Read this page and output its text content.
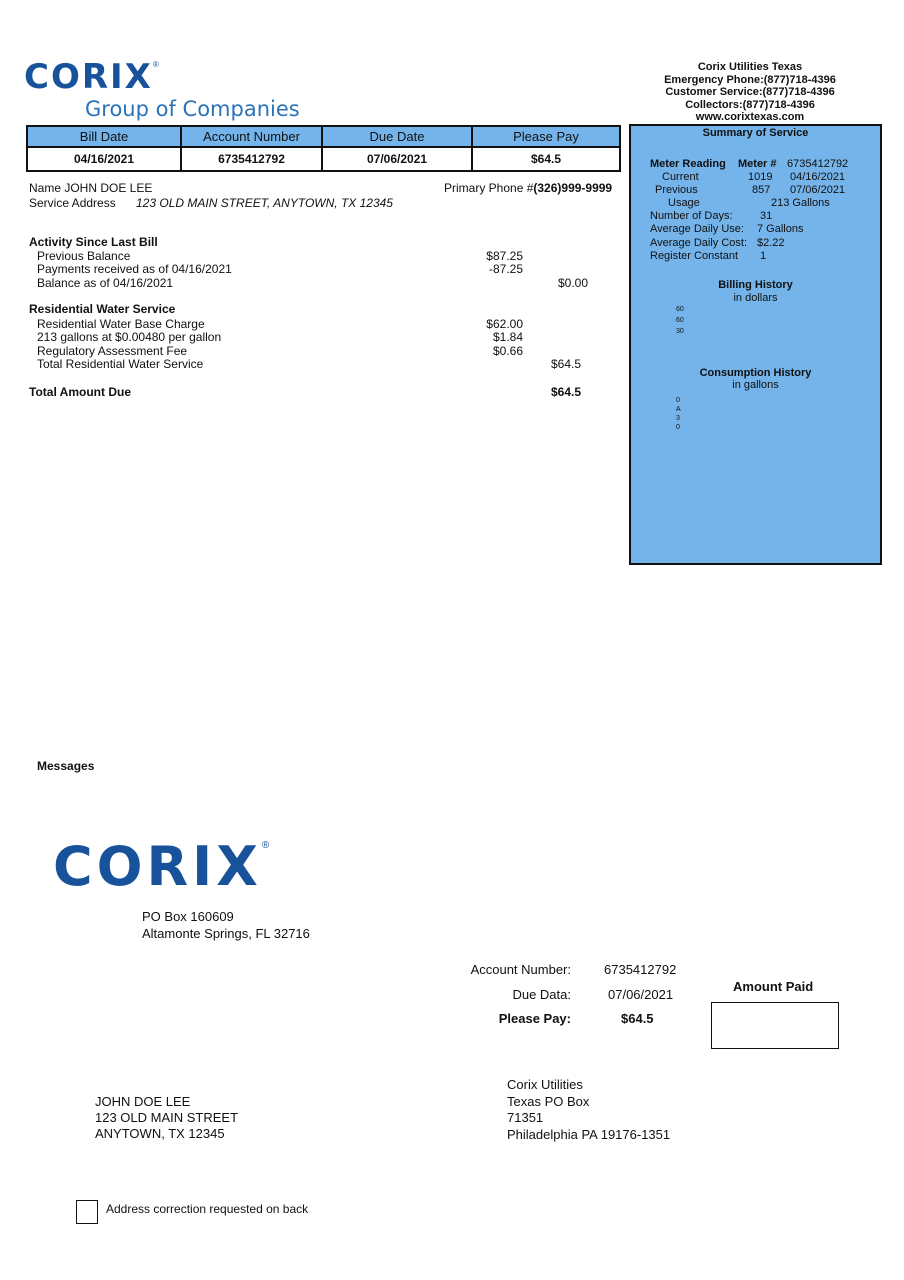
CORIX®
Group of Companies
Corix Utilities Texas
Emergency Phone:(877)718-4396
Customer Service:(877)718-4396
Collectors:(877)718-4396
www.corixtexas.com
Bill Date	Account Number	Due Date	Please Pay
04/16/2021	6735412792	07/06/2021	$64.5
Name JOHN DOE LEE
Service Address 123 OLD MAIN STREET, ANYTOWN, TX 12345
Primary Phone #(326)999-9999
Activity Since Last Bill
Previous Balance	$87.25
Payments received as of 04/16/2021	-87.25
Balance as of 04/16/2021	$0.00
Residential Water Service
Residential Water Base Charge	$62.00
213 gallons at $0.00480 per gallon	$1.84
Regulatory Assessment Fee	$0.66
Total Residential Water Service	$64.5
Total Amount Due	$64.5
Summary of Service
Meter Reading Meter # 6735412792
Current	1019 04/16/2021
Previous	857 07/06/2021
Usage	213 Gallons
Number of Days: 31
Average Daily Use: 7 Gallons
Average Daily Cost: $2.22
Register Constant 1
Billing History
in dollars
60
60
30
Consumption History
in gallons
0
A
3
0
Messages
CORIX®
PO Box 160609
Altamonte Springs, FL 32716
Account Number:	6735412792
Due Data:	07/06/2021
Please Pay:	$64.5
Amount Paid
JOHN DOE LEE
123 OLD MAIN STREET
ANYTOWN, TX 12345
Corix Utilities
Texas PO Box
71351
Philadelphia PA 19176-1351
Address correction requested on back
